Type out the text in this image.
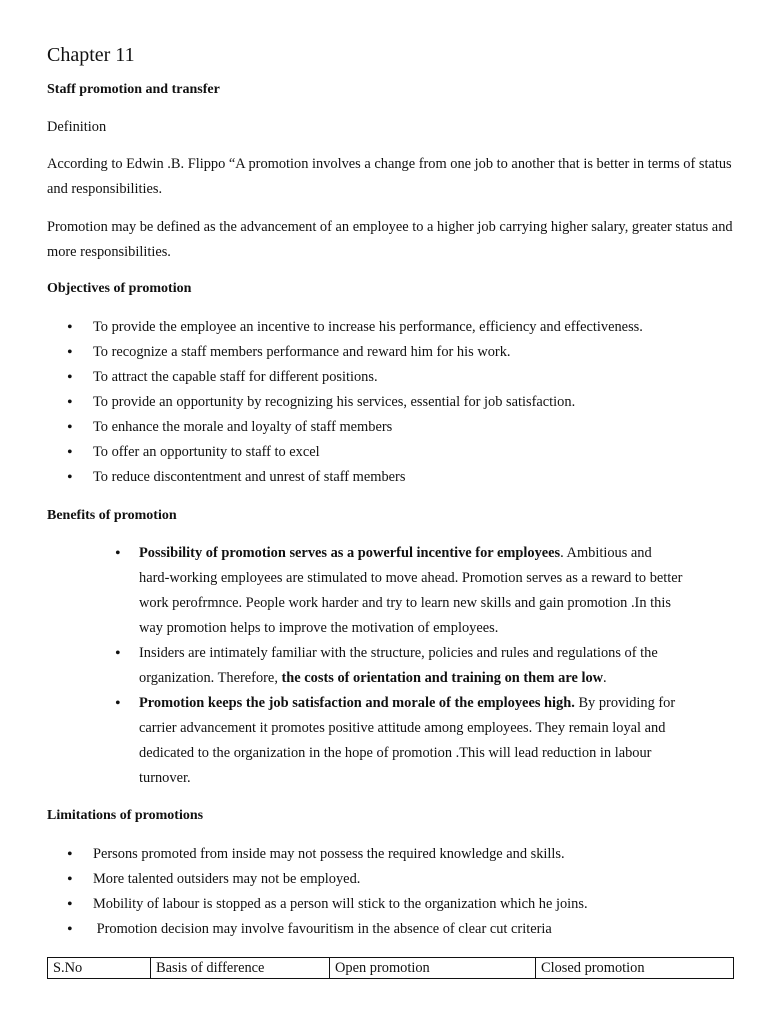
Chapter 11
Staff promotion and transfer
Definition
According to Edwin .B. Flippo “A promotion involves a change from one job to another that is better in terms of status and responsibilities.
Promotion may be defined as the advancement of an employee to a higher job carrying higher salary, greater status and more responsibilities.
Objectives of promotion
• To provide the employee an incentive to increase his performance, efficiency and effectiveness.
• To recognize a staff members performance and reward him for his work.
• To attract the capable staff for different positions.
• To provide an opportunity by recognizing his services, essential for job satisfaction.
• To enhance the morale and loyalty of staff members
• To offer an opportunity to staff to excel
• To reduce discontentment and unrest of staff members
Benefits of promotion
• Possibility of promotion serves as a powerful incentive for employees. Ambitious and hard-working employees are stimulated to move ahead. Promotion serves as a reward to better work perofrmnce. People work harder and try to learn new skills and gain promotion .In this way promotion helps to improve the motivation of employees.
• Insiders are intimately familiar with the structure, policies and rules and regulations of the organization. Therefore, the costs of orientation and training on them are low.
• Promotion keeps the job satisfaction and morale of the employees high. By providing for carrier advancement it promotes positive attitude among employees. They remain loyal and dedicated to the organization in the hope of promotion .This will lead reduction in labour turnover.
Limitations of promotions
• Persons promoted from inside may not possess the required knowledge and skills.
• More talented outsiders may not be employed.
• Mobility of labour is stopped as a person will stick to the organization which he joins.
•  Promotion decision may involve favouritism in the absence of clear cut criteria
S.No	Basis of difference	Open promotion	Closed promotion
